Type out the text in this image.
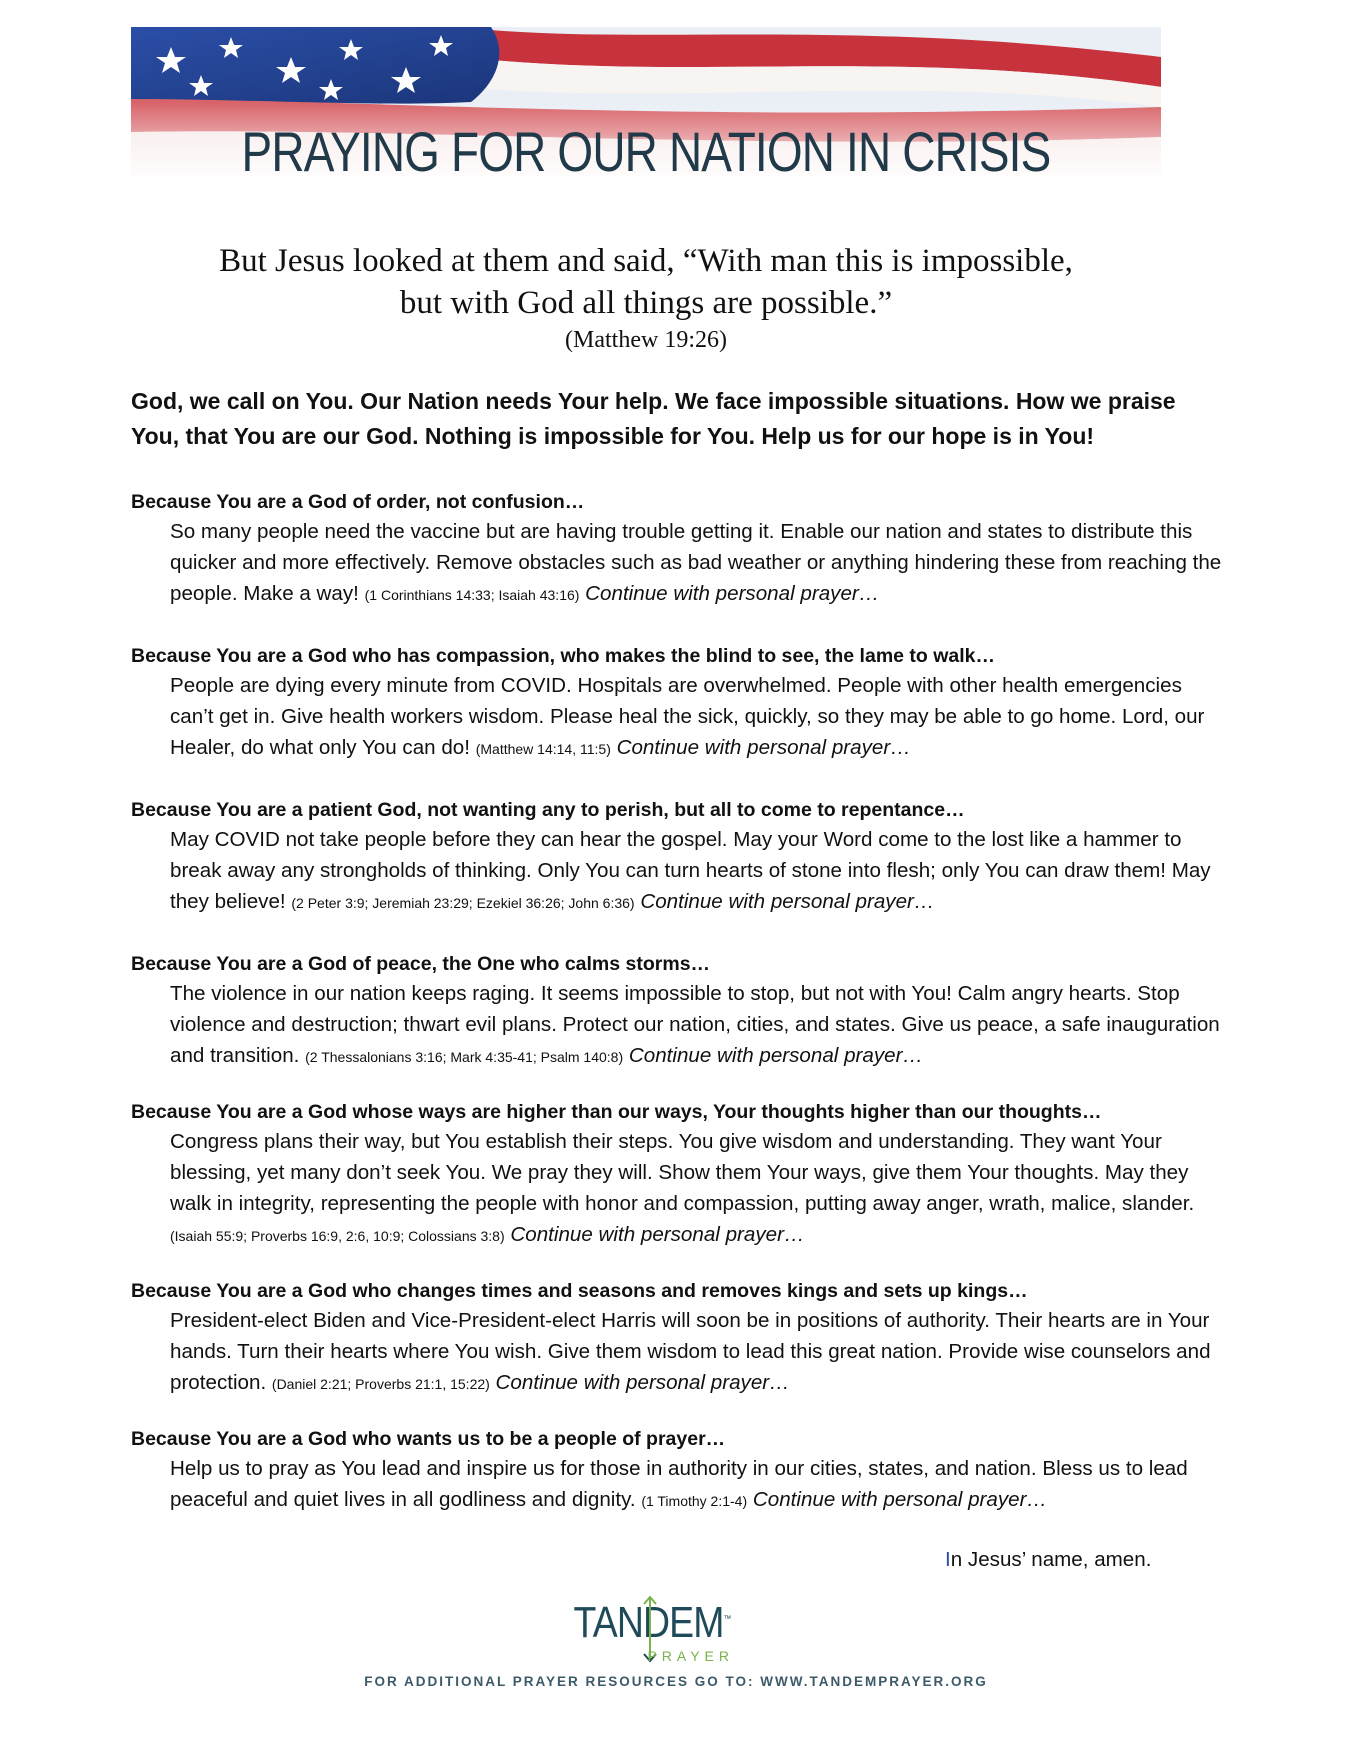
PRAYING FOR OUR NATION IN CRISIS
But Jesus looked at them and said, “With man this is impossible,
but with God all things are possible.”
(Matthew 19:26)
God, we call on You. Our Nation needs Your help. We face impossible situations. How we praise You, that You are our God. Nothing is impossible for You. Help us for our hope is in You!
Because You are a God of order, not confusion…
So many people need the vaccine but are having trouble getting it. Enable our nation and states to distribute this quicker and more effectively. Remove obstacles such as bad weather or anything hindering these from reaching the people. Make a way! (1 Corinthians 14:33; Isaiah 43:16) Continue with personal prayer…
Because You are a God who has compassion, who makes the blind to see, the lame to walk…
People are dying every minute from COVID. Hospitals are overwhelmed. People with other health emergencies can’t get in. Give health workers wisdom. Please heal the sick, quickly, so they may be able to go home. Lord, our Healer, do what only You can do! (Matthew 14:14, 11:5) Continue with personal prayer…
Because You are a patient God, not wanting any to perish, but all to come to repentance…
May COVID not take people before they can hear the gospel. May your Word come to the lost like a hammer to break away any strongholds of thinking. Only You can turn hearts of stone into flesh; only You can draw them! May they believe! (2 Peter 3:9; Jeremiah 23:29; Ezekiel 36:26; John 6:36) Continue with personal prayer…
Because You are a God of peace, the One who calms storms…
The violence in our nation keeps raging. It seems impossible to stop, but not with You! Calm angry hearts. Stop violence and destruction; thwart evil plans. Protect our nation, cities, and states. Give us peace, a safe inauguration and transition. (2 Thessalonians 3:16; Mark 4:35-41; Psalm 140:8) Continue with personal prayer…
Because You are a God whose ways are higher than our ways, Your thoughts higher than our thoughts…
Congress plans their way, but You establish their steps. You give wisdom and understanding. They want Your blessing, yet many don’t seek You. We pray they will. Show them Your ways, give them Your thoughts. May they walk in integrity, representing the people with honor and compassion, putting away anger, wrath, malice, slander. (Isaiah 55:9; Proverbs 16:9, 2:6, 10:9; Colossians 3:8) Continue with personal prayer…
Because You are a God who changes times and seasons and removes kings and sets up kings…
President-elect Biden and Vice-President-elect Harris will soon be in positions of authority. Their hearts are in Your hands. Turn their hearts where You wish. Give them wisdom to lead this great nation. Provide wise counselors and protection. (Daniel 2:21; Proverbs 21:1, 15:22) Continue with personal prayer…
Because You are a God who wants us to be a people of prayer…
Help us to pray as You lead and inspire us for those in authority in our cities, states, and nation. Bless us to lead peaceful and quiet lives in all godliness and dignity. (1 Timothy 2:1-4) Continue with personal prayer…
In Jesus’ name, amen.
TANDEM™
PRAYER
FOR ADDITIONAL PRAYER RESOURCES GO TO: WWW.TANDEMPRAYER.ORG
